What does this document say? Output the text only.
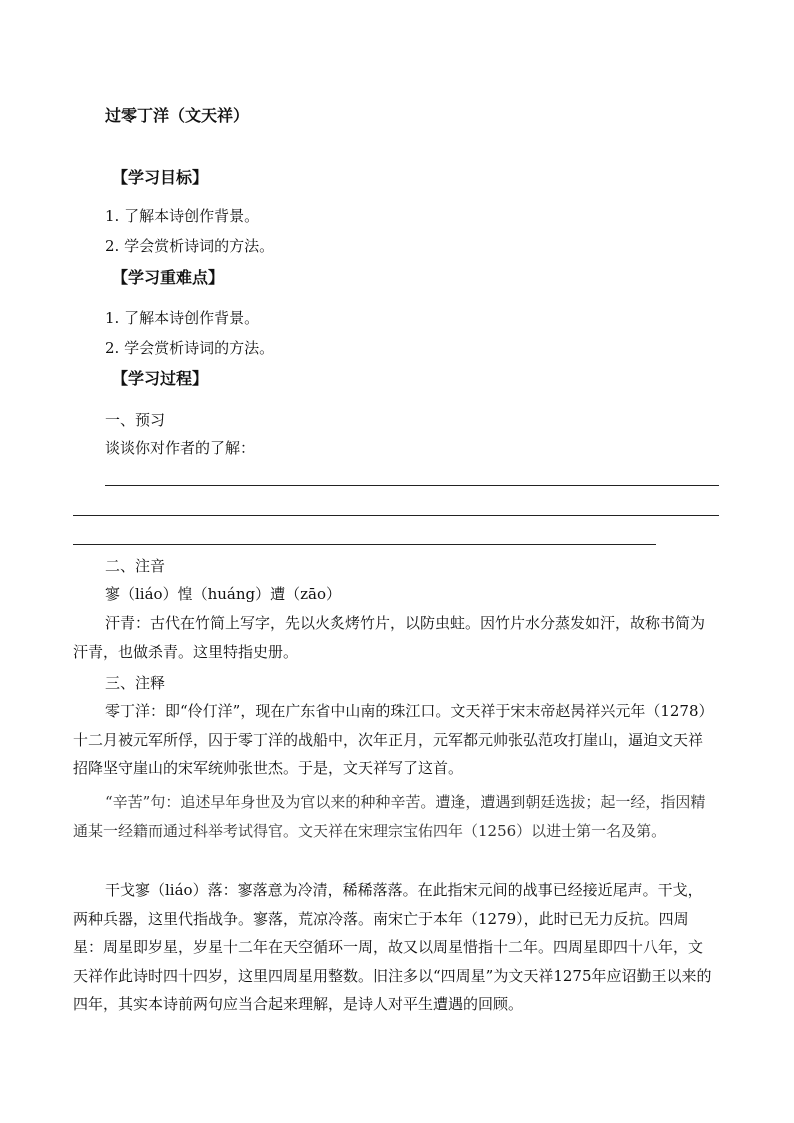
过零丁洋（文天祥）
【学习目标】
1. 了解本诗创作背景。
2. 学会赏析诗词的方法。
【学习重难点】
1. 了解本诗创作背景。
2. 学会赏析诗词的方法。
【学习过程】
一、预习
谈谈你对作者的了解：
二、注音
寥（liáo）惶（huáng）遭（zāo）
汗青：古代在竹简上写字，先以火炙烤竹片，以防虫蛀。因竹片水分蒸发如汗，故称书简为汗青，也做杀青。这里特指史册。
三、注释
零丁洋：即“伶仃洋”，现在广东省中山南的珠江口。文天祥于宋末帝赵昺祥兴元年（1278）十二月被元军所俘，囚于零丁洋的战船中，次年正月，元军都元帅张弘范攻打崖山，逼迫文天祥招降坚守崖山的宋军统帅张世杰。于是，文天祥写了这首。
“辛苦”句：追述早年身世及为官以来的种种辛苦。遭逢，遭遇到朝廷选拔；起一经，指因精通某一经籍而通过科举考试得官。文天祥在宋理宗宝佑四年（1256）以进士第一名及第。
干戈寥（liáo）落：寥落意为冷清，稀稀落落。在此指宋元间的战事已经接近尾声。干戈，两种兵器，这里代指战争。寥落，荒凉冷落。南宋亡于本年（1279），此时已无力反抗。四周星：周星即岁星，岁星十二年在天空循环一周，故又以周星惜指十二年。四周星即四十八年，文天祥作此诗时四十四岁，这里四周星用整数。旧注多以“四周星”为文天祥1275年应诏勤王以来的四年，其实本诗前两句应当合起来理解，是诗人对平生遭遇的回顾。
